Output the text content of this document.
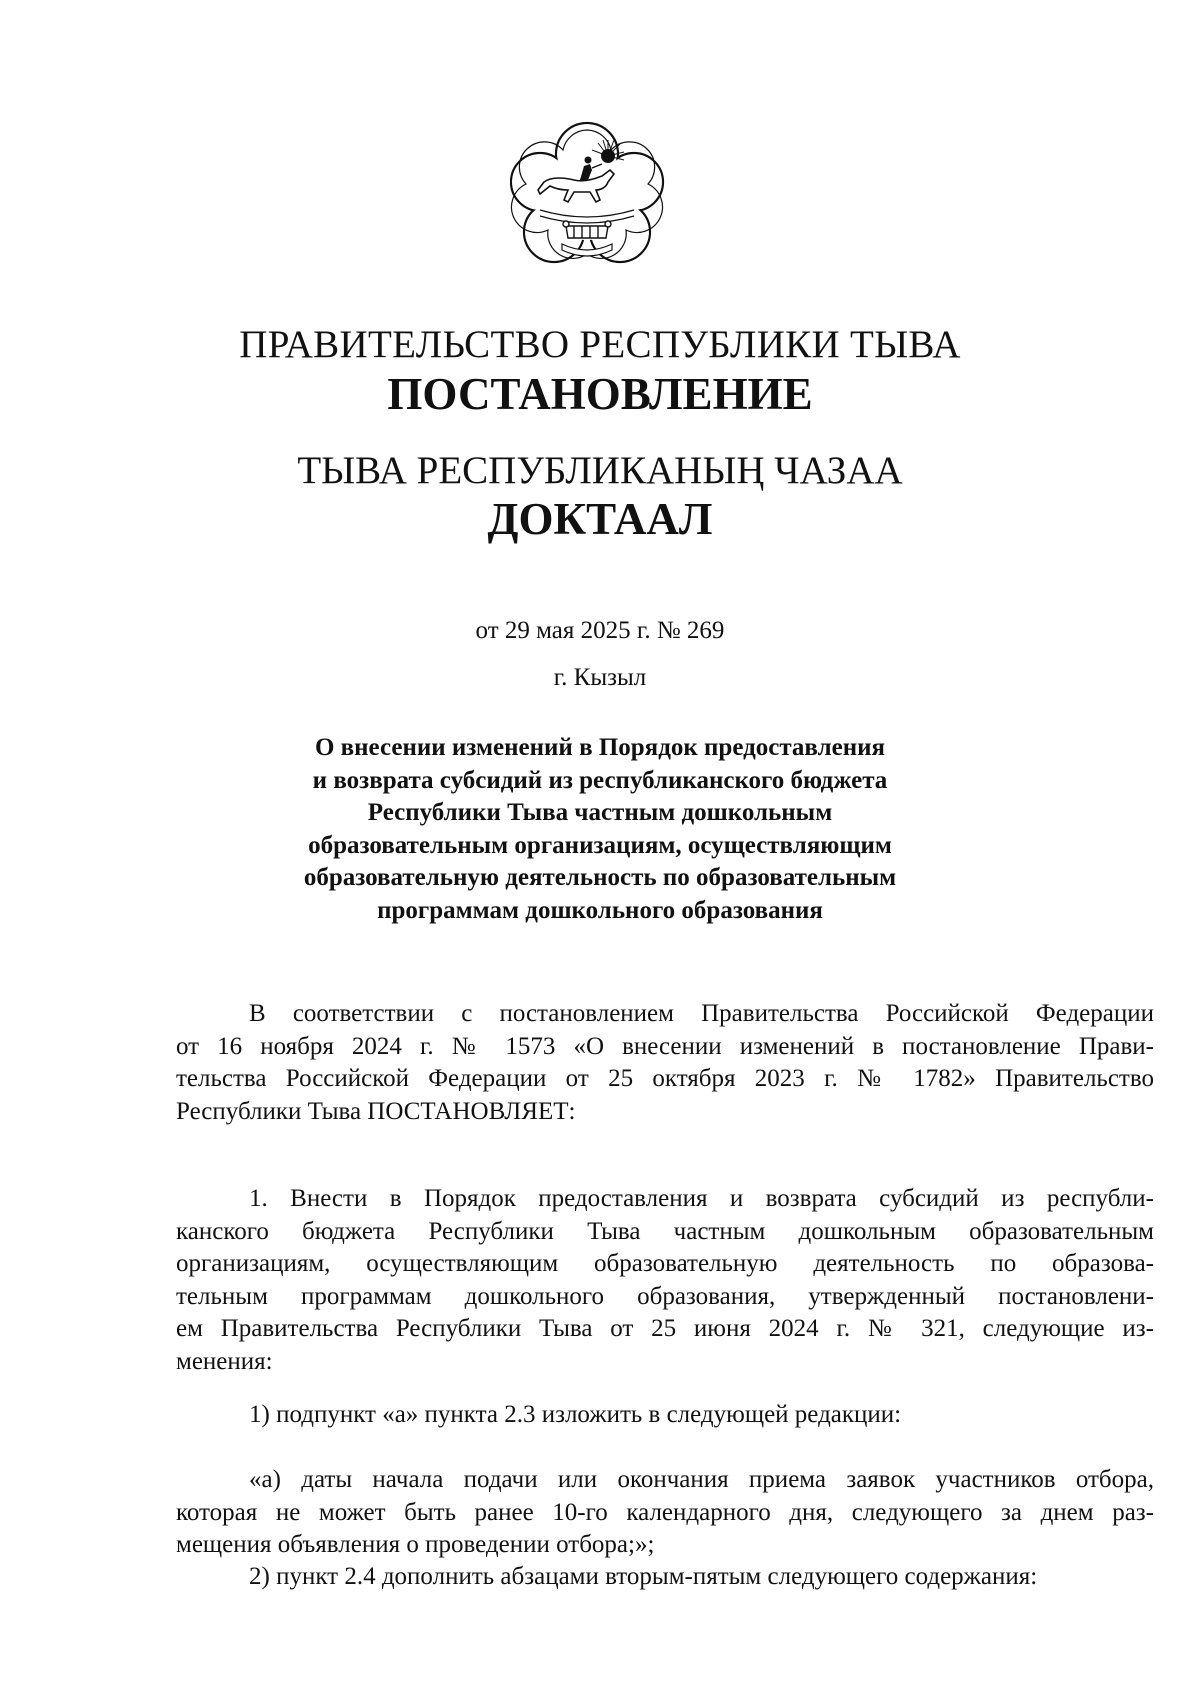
ПРАВИТЕЛЬСТВО РЕСПУБЛИКИ ТЫВА
ПОСТАНОВЛЕНИЕ
ТЫВА РЕСПУБЛИКАНЫҢ ЧАЗАА
ДОКТААЛ
от 29 мая 2025 г. № 269
г. Кызыл
О внесении изменений в Порядок предоставления
и возврата субсидий из республиканского бюджета
Республики Тыва частным дошкольным
образовательным организациям, осуществляющим
образовательную деятельность по образовательным
программам дошкольного образования
В соответствии с постановлением Правительства Российской Федерации
от 16 ноября 2024 г. № 1573 «О внесении изменений в постановление Прави-
тельства Российской Федерации от 25 октября 2023 г. № 1782» Правительство
Республики Тыва ПОСТАНОВЛЯЕТ:
1. Внести в Порядок предоставления и возврата субсидий из республи-
канского бюджета Республики Тыва частным дошкольным образовательным
организациям, осуществляющим образовательную деятельность по образова-
тельным программам дошкольного образования, утвержденный постановлени-
ем Правительства Республики Тыва от 25 июня 2024 г. № 321, следующие из-
менения:
1) подпункт «а» пункта 2.3 изложить в следующей редакции:
«а) даты начала подачи или окончания приема заявок участников отбора,
которая не может быть ранее 10-го календарного дня, следующего за днем раз-
мещения объявления о проведении отбора;»;
2) пункт 2.4 дополнить абзацами вторым-пятым следующего содержания:
